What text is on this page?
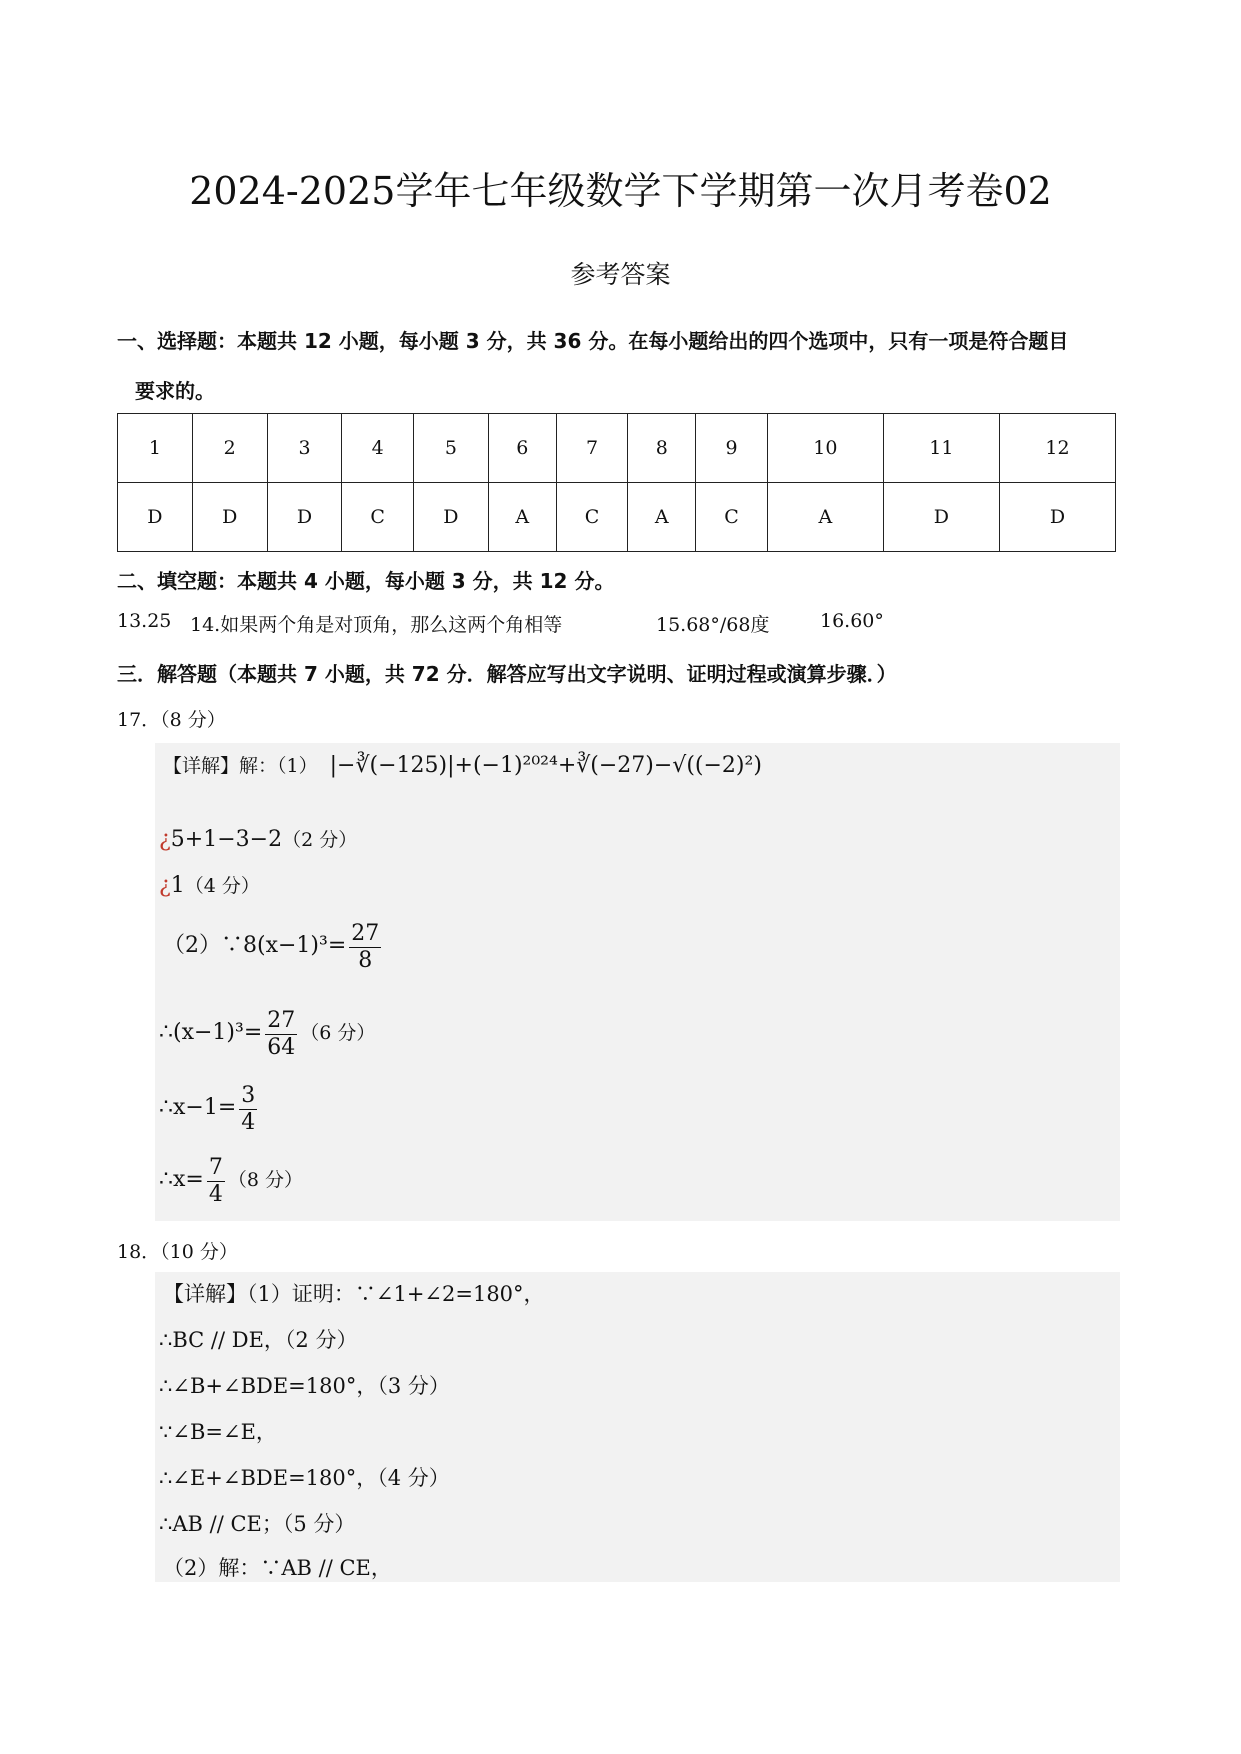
2024-2025学年七年级数学下学期第一次月考卷02
参考答案
一、选择题：本题共 12 小题，每小题 3 分，共 36 分。在每小题给出的四个选项中，只有一项是符合题目
要求的。
1	2	3	4	5	6	7	8	9	10	11	12
D	D	D	C	D	A	C	A	C	A	D	D
二、填空题：本题共 4 小题，每小题 3 分，共 12 分。
13.25 14.如果两个角是对顶角，那么这两个角相等	15.68°/68度	16.60°
三．解答题（本题共 7 小题，共 72 分．解答应写出文字说明、证明过程或演算步骤．）
17．（8 分）
【详解】解：（1） |−∛(−125)|+(−1)²⁰²⁴+∛(−27)−√((−2)²)
¿5+1−3−2（2 分）
¿1（4 分）
（2）∵8(x−1)³= $\frac{27}{8}$
∴(x−1)³= $\frac{27}{64} (6$ 分）
∴x−1= $\frac{3}{4}$
∴x= $\frac{7}{4} (8$ 分）
18．（10 分）
【详解】（1）证明：∵∠1+∠2=180°，
∴BC // DE，（2 分）
∴∠B+∠BDE=180°，（3 分）
∵∠B=∠E，
∴∠E+∠BDE=180°，（4 分）
∴AB // CE；（5 分）
（2）解：∵AB // CE，
